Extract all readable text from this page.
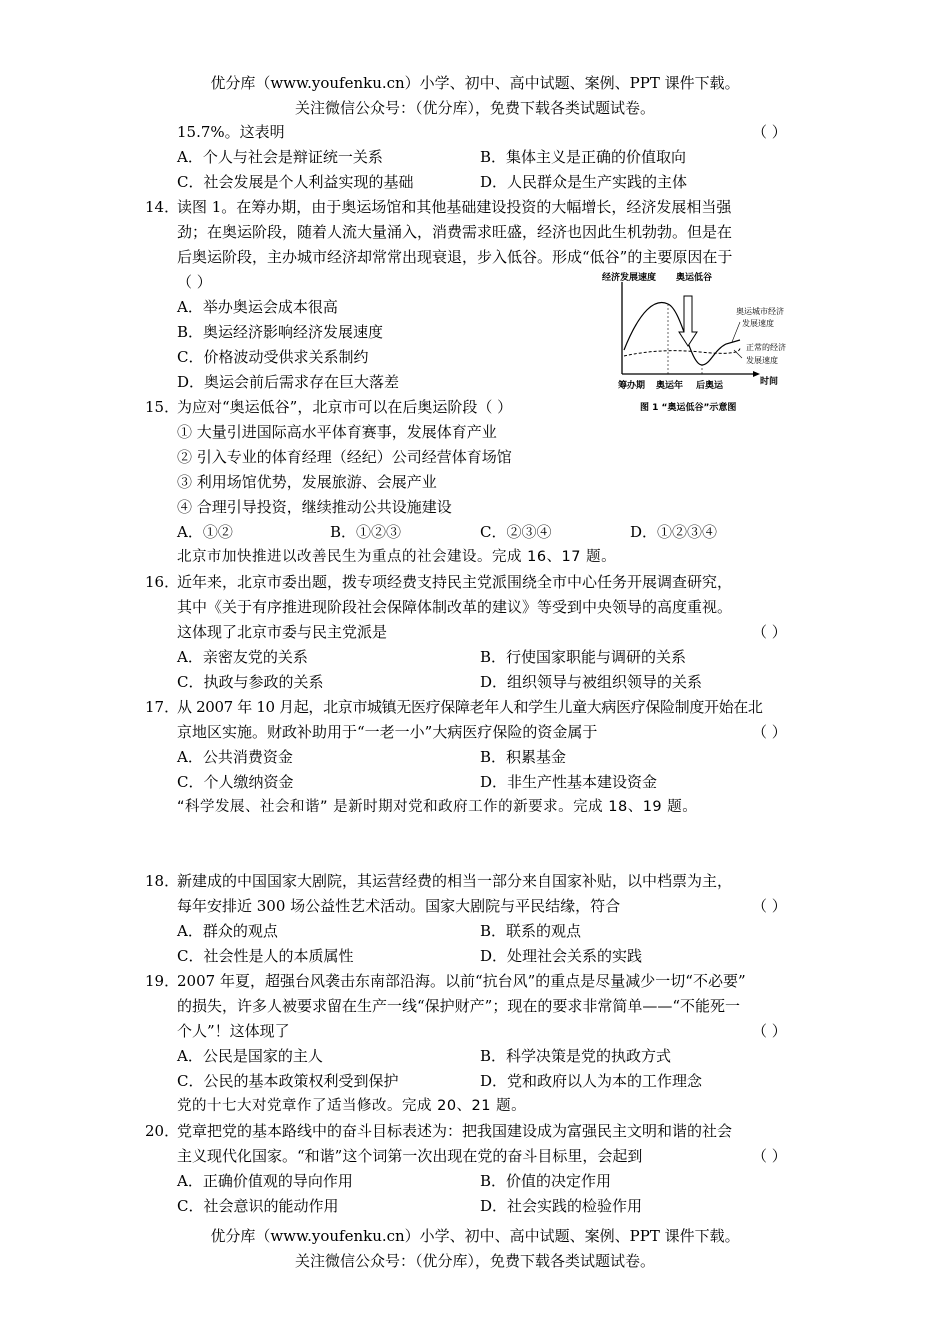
优分库（www.youfenku.cn）小学、初中、高中试题、案例、PPT 课件下载。
关注微信公众号：（优分库），免费下载各类试题试卷。
15.7%。这表明	（ ）
A．个人与社会是辩证统一关系	B．集体主义是正确的价值取向
C．社会发展是个人利益实现的基础	D．人民群众是生产实践的主体
14．
读图 1。在筹办期，由于奥运场馆和其他基础建设投资的大幅增长，经济发展相当强
劲；在奥运阶段，随着人流大量涌入，消费需求旺盛，经济也因此生机勃勃。但是在
后奥运阶段，主办城市经济却常常出现衰退，步入低谷。形成“低谷”的主要原因在于
（ ）
A．举办奥运会成本很高
B．奥运经济影响经济发展速度
C．价格波动受供求关系制约
D．奥运会前后需求存在巨大落差
经济发展速度 奥运低谷
奥运城市经济
发展速度
正常的经济
发展速度
筹办期 奥运年 后奥运	时间
图 1 “奥运低谷”示意图
15．
为应对“奥运低谷”，北京市可以在后奥运阶段（ ）
① 大量引进国际高水平体育赛事，发展体育产业
② 引入专业的体育经理（经纪）公司经营体育场馆
③ 利用场馆优势，发展旅游、会展产业
④ 合理引导投资，继续推动公共设施建设
A．①②	B．①②③	C．②③④	D．①②③④
北京市加快推进以改善民生为重点的社会建设。完成 16、17 题。
16．
近年来，北京市委出题，拨专项经费支持民主党派围绕全市中心任务开展调查研究，
其中《关于有序推进现阶段社会保障体制改革的建议》等受到中央领导的高度重视。
这体现了北京市委与民主党派是	（ ）
A．亲密友党的关系	B．行使国家职能与调研的关系
C．执政与参政的关系	D．组织领导与被组织领导的关系
17．
从 2007 年 10 月起，北京市城镇无医疗保障老年人和学生儿童大病医疗保险制度开始在北
京地区实施。财政补助用于“一老一小”大病医疗保险的资金属于	（ ）
A．公共消费资金	B．积累基金
C．个人缴纳资金	D．非生产性基本建设资金
“科学发展、社会和谐” 是新时期对党和政府工作的新要求。完成 18、19 题。
18．
新建成的中国国家大剧院，其运营经费的相当一部分来自国家补贴，以中档票为主，
每年安排近 300 场公益性艺术活动。国家大剧院与平民结缘，符合	（ ）
A．群众的观点	B．联系的观点
C．社会性是人的本质属性	D．处理社会关系的实践
19．
2007 年夏，超强台风袭击东南部沿海。以前“抗台风”的重点是尽量减少一切“不必要”
的损失，许多人被要求留在生产一线“保护财产”；现在的要求非常简单——“不能死一
个人”！这体现了	（ ）
A．公民是国家的主人	B．科学决策是党的执政方式
C．公民的基本政策权利受到保护	D．党和政府以人为本的工作理念
党的十七大对党章作了适当修改。完成 20、21 题。
20．
党章把党的基本路线中的奋斗目标表述为：把我国建设成为富强民主文明和谐的社会
主义现代化国家。“和谐”这个词第一次出现在党的奋斗目标里，会起到	（ ）
A．正确价值观的导向作用	B．价值的决定作用
C．社会意识的能动作用	D．社会实践的检验作用
优分库（www.youfenku.cn）小学、初中、高中试题、案例、PPT 课件下载。
关注微信公众号：（优分库），免费下载各类试题试卷。
